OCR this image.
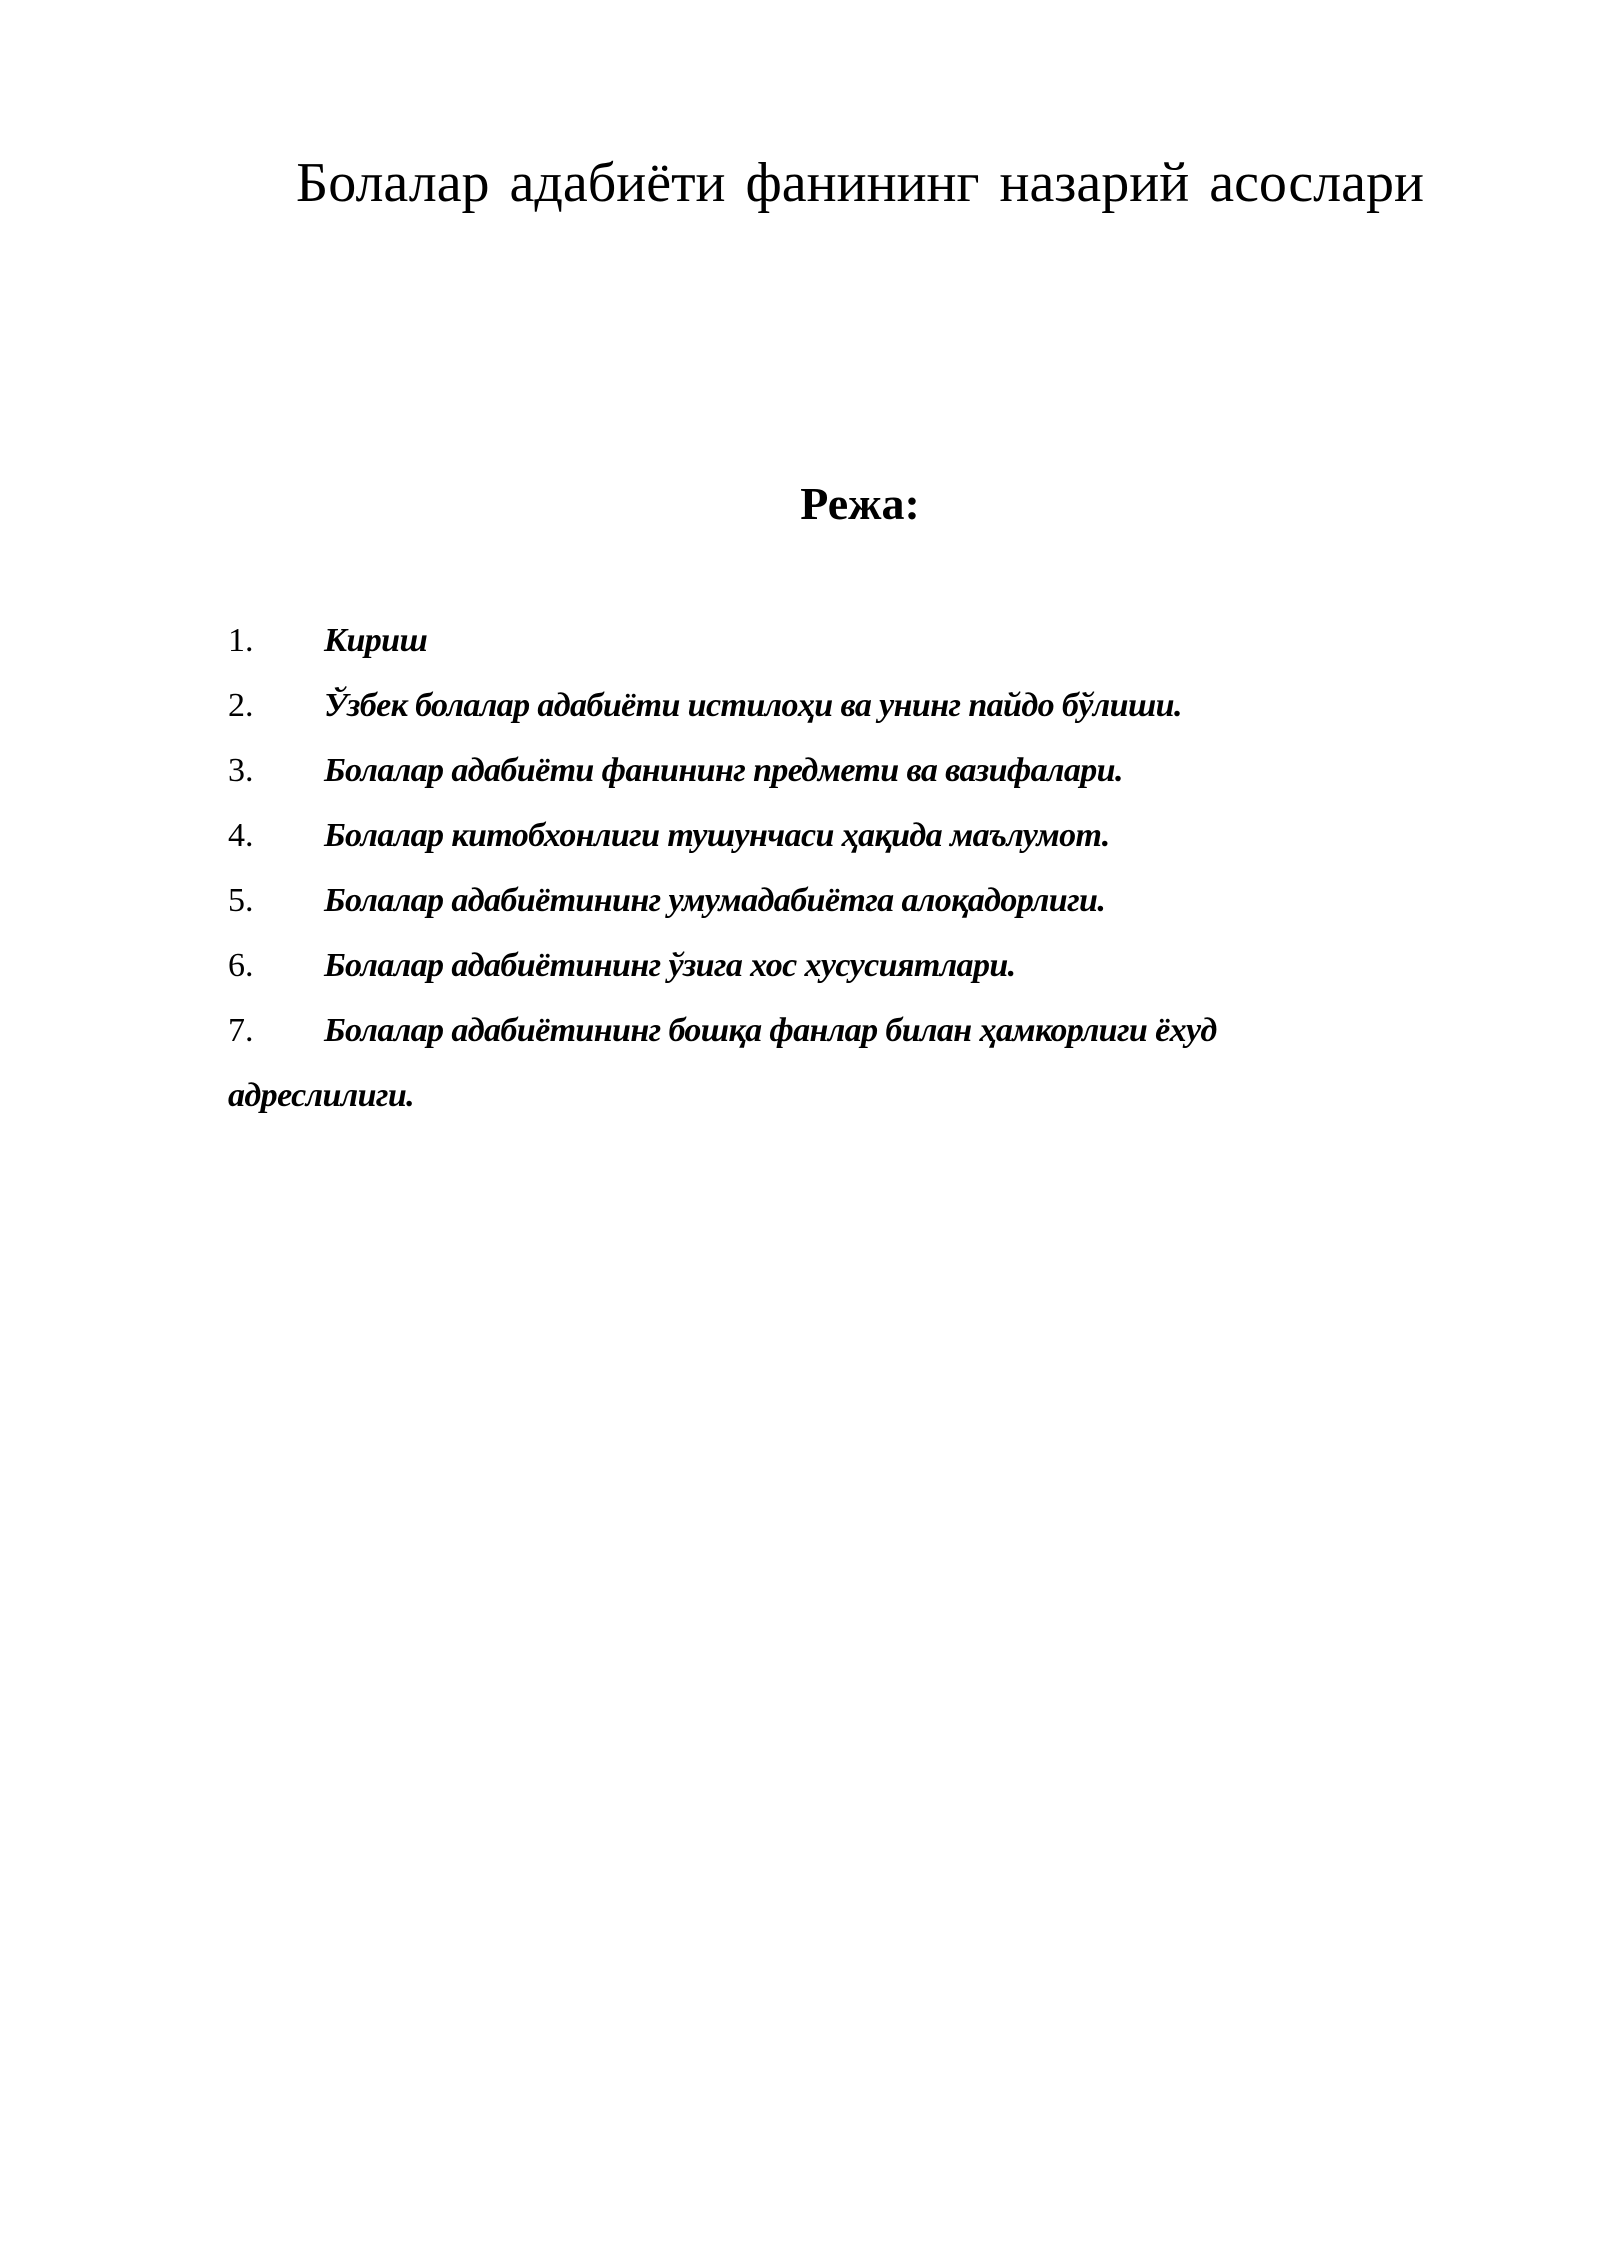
Болалар адабиёти фанининг назарий асослари
Режа:
1. Кириш
2. Ўзбек болалар адабиёти истилоҳи ва унинг пайдо бўлиши.
3. Болалар адабиёти фанининг предмети ва вазифалари.
4. Болалар китобхонлиги тушунчаси ҳақида маълумот.
5. Болалар адабиётининг умумадабиётга алоқадорлиги.
6. Болалар адабиётининг ўзига хос хусусиятлари.
7. Болалар адабиётининг бошқа фанлар билан ҳамкорлиги ёхуд
адреслилиги.
